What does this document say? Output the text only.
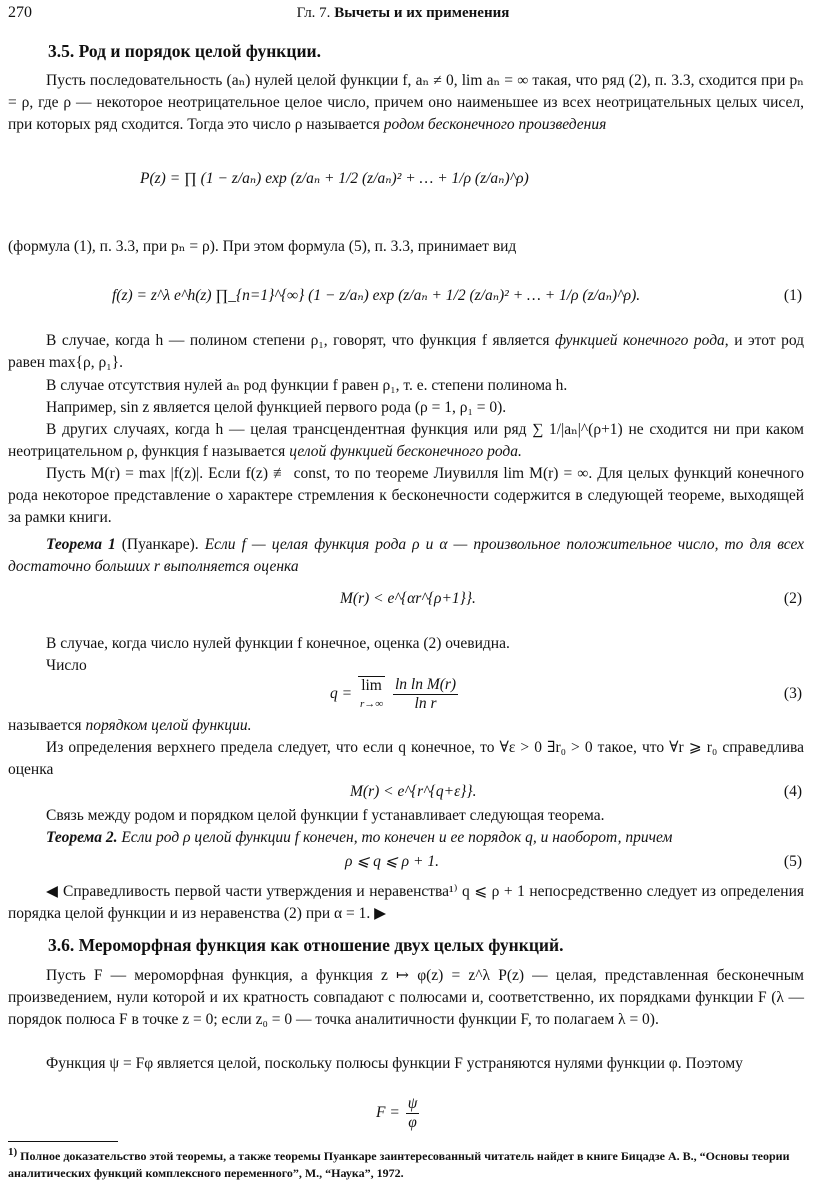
270	Гл. 7. Вычеты и их применения
3.5. Род и порядок целой функции.
Пусть последовательность (aₙ) нулей целой функции f, aₙ ≠ 0, lim aₙ = ∞ такая, что ряд (2), п. 3.3, сходится при pₙ = ρ, где ρ — некоторое неотрицательное целое число, причем оно наименьшее из всех неотрицательных целых чисел, при которых ряд сходится. Тогда это число ρ называется родом бесконечного произведения
P(z) = ∏ (1 − z/aₙ) exp (z/aₙ + 1/2 (z/aₙ)² + … + 1/ρ (z/aₙ)^ρ)
(формула (1), п. 3.3, при pₙ = ρ). При этом формула (5), п. 3.3, принимает вид
f(z) = z^λ e^h(z) ∏_{n=1}^{∞} (1 − z/aₙ) exp (z/aₙ + 1/2 (z/aₙ)² + … + 1/ρ (z/aₙ)^ρ).	(1)
В случае, когда h — полином степени ρ₁, говорят, что функция f является функцией конечного рода, и этот род равен max{ρ, ρ₁}.
В случае отсутствия нулей aₙ род функции f равен ρ₁, т. е. степени полинома h.
Например, sin z является целой функцией первого рода (ρ = 1, ρ₁ = 0).
В других случаях, когда h — целая трансцендентная функция или ряд ∑ 1/|aₙ|^(ρ+1) не сходится ни при каком неотрицательном ρ, функция f называется целой функцией бесконечного рода.
Пусть M(r) = max |f(z)|. Если f(z) ≢ const, то по теореме Лиувилля lim M(r) = ∞. Для целых функций конечного рода некоторое представление о характере стремления к бесконечности содержится в следующей теореме, выходящей за рамки книги.
Теорема 1 (Пуанкаре). Если f — целая функция рода ρ и α — произвольное положительное число, то для всех достаточно больших r выполняется оценка
M(r) < e^{αr^{ρ+1}}.	(2)
В случае, когда число нулей функции f конечное, оценка (2) очевидна.
Число
q = lim
r→∞
$\frac{\text{ln ln M(r)}}{\text{ln r}}$	(3)
называется порядком целой функции.
Из определения верхнего предела следует, что если q конечное, то ∀ε > 0 ∃r₀ > 0 такое, что ∀r ⩾ r₀ справедлива оценка
M(r) < e^{r^{q+ε}}.	(4)
Связь между родом и порядком целой функции f устанавливает следующая теорема.
Теорема 2. Если род ρ целой функции f конечен, то конечен и ее порядок q, и наоборот, причем
ρ ⩽ q ⩽ ρ + 1.	(5)
◀ Справедливость первой части утверждения и неравенства¹⁾ q ⩽ ρ + 1 непосредственно следует из определения порядка целой функции и из неравенства (2) при α = 1. ▶
3.6. Мероморфная функция как отношение двух целых функций.
Пусть F — мероморфная функция, а функция z ↦ φ(z) = z^λ P(z) — целая, представленная бесконечным произведением, нули которой и их кратность совпадают с полюсами и, соответственно, их порядками функции F (λ — порядок полюса F в точке z = 0; если z₀ = 0 — точка аналитичности функции F, то полагаем λ = 0).
Функция ψ = Fφ является целой, поскольку полюсы функции F устраняются нулями функции φ. Поэтому
$F = \frac{\psi}{\varphi}$
$^{1)}$ Полное доказательство этой теоремы, а также теоремы Пуанкаре заинтересованный читатель найдет в книге Бицадзе А. В., “Основы теории аналитических функций комплексного переменного”, М., “Наука”, 1972.
